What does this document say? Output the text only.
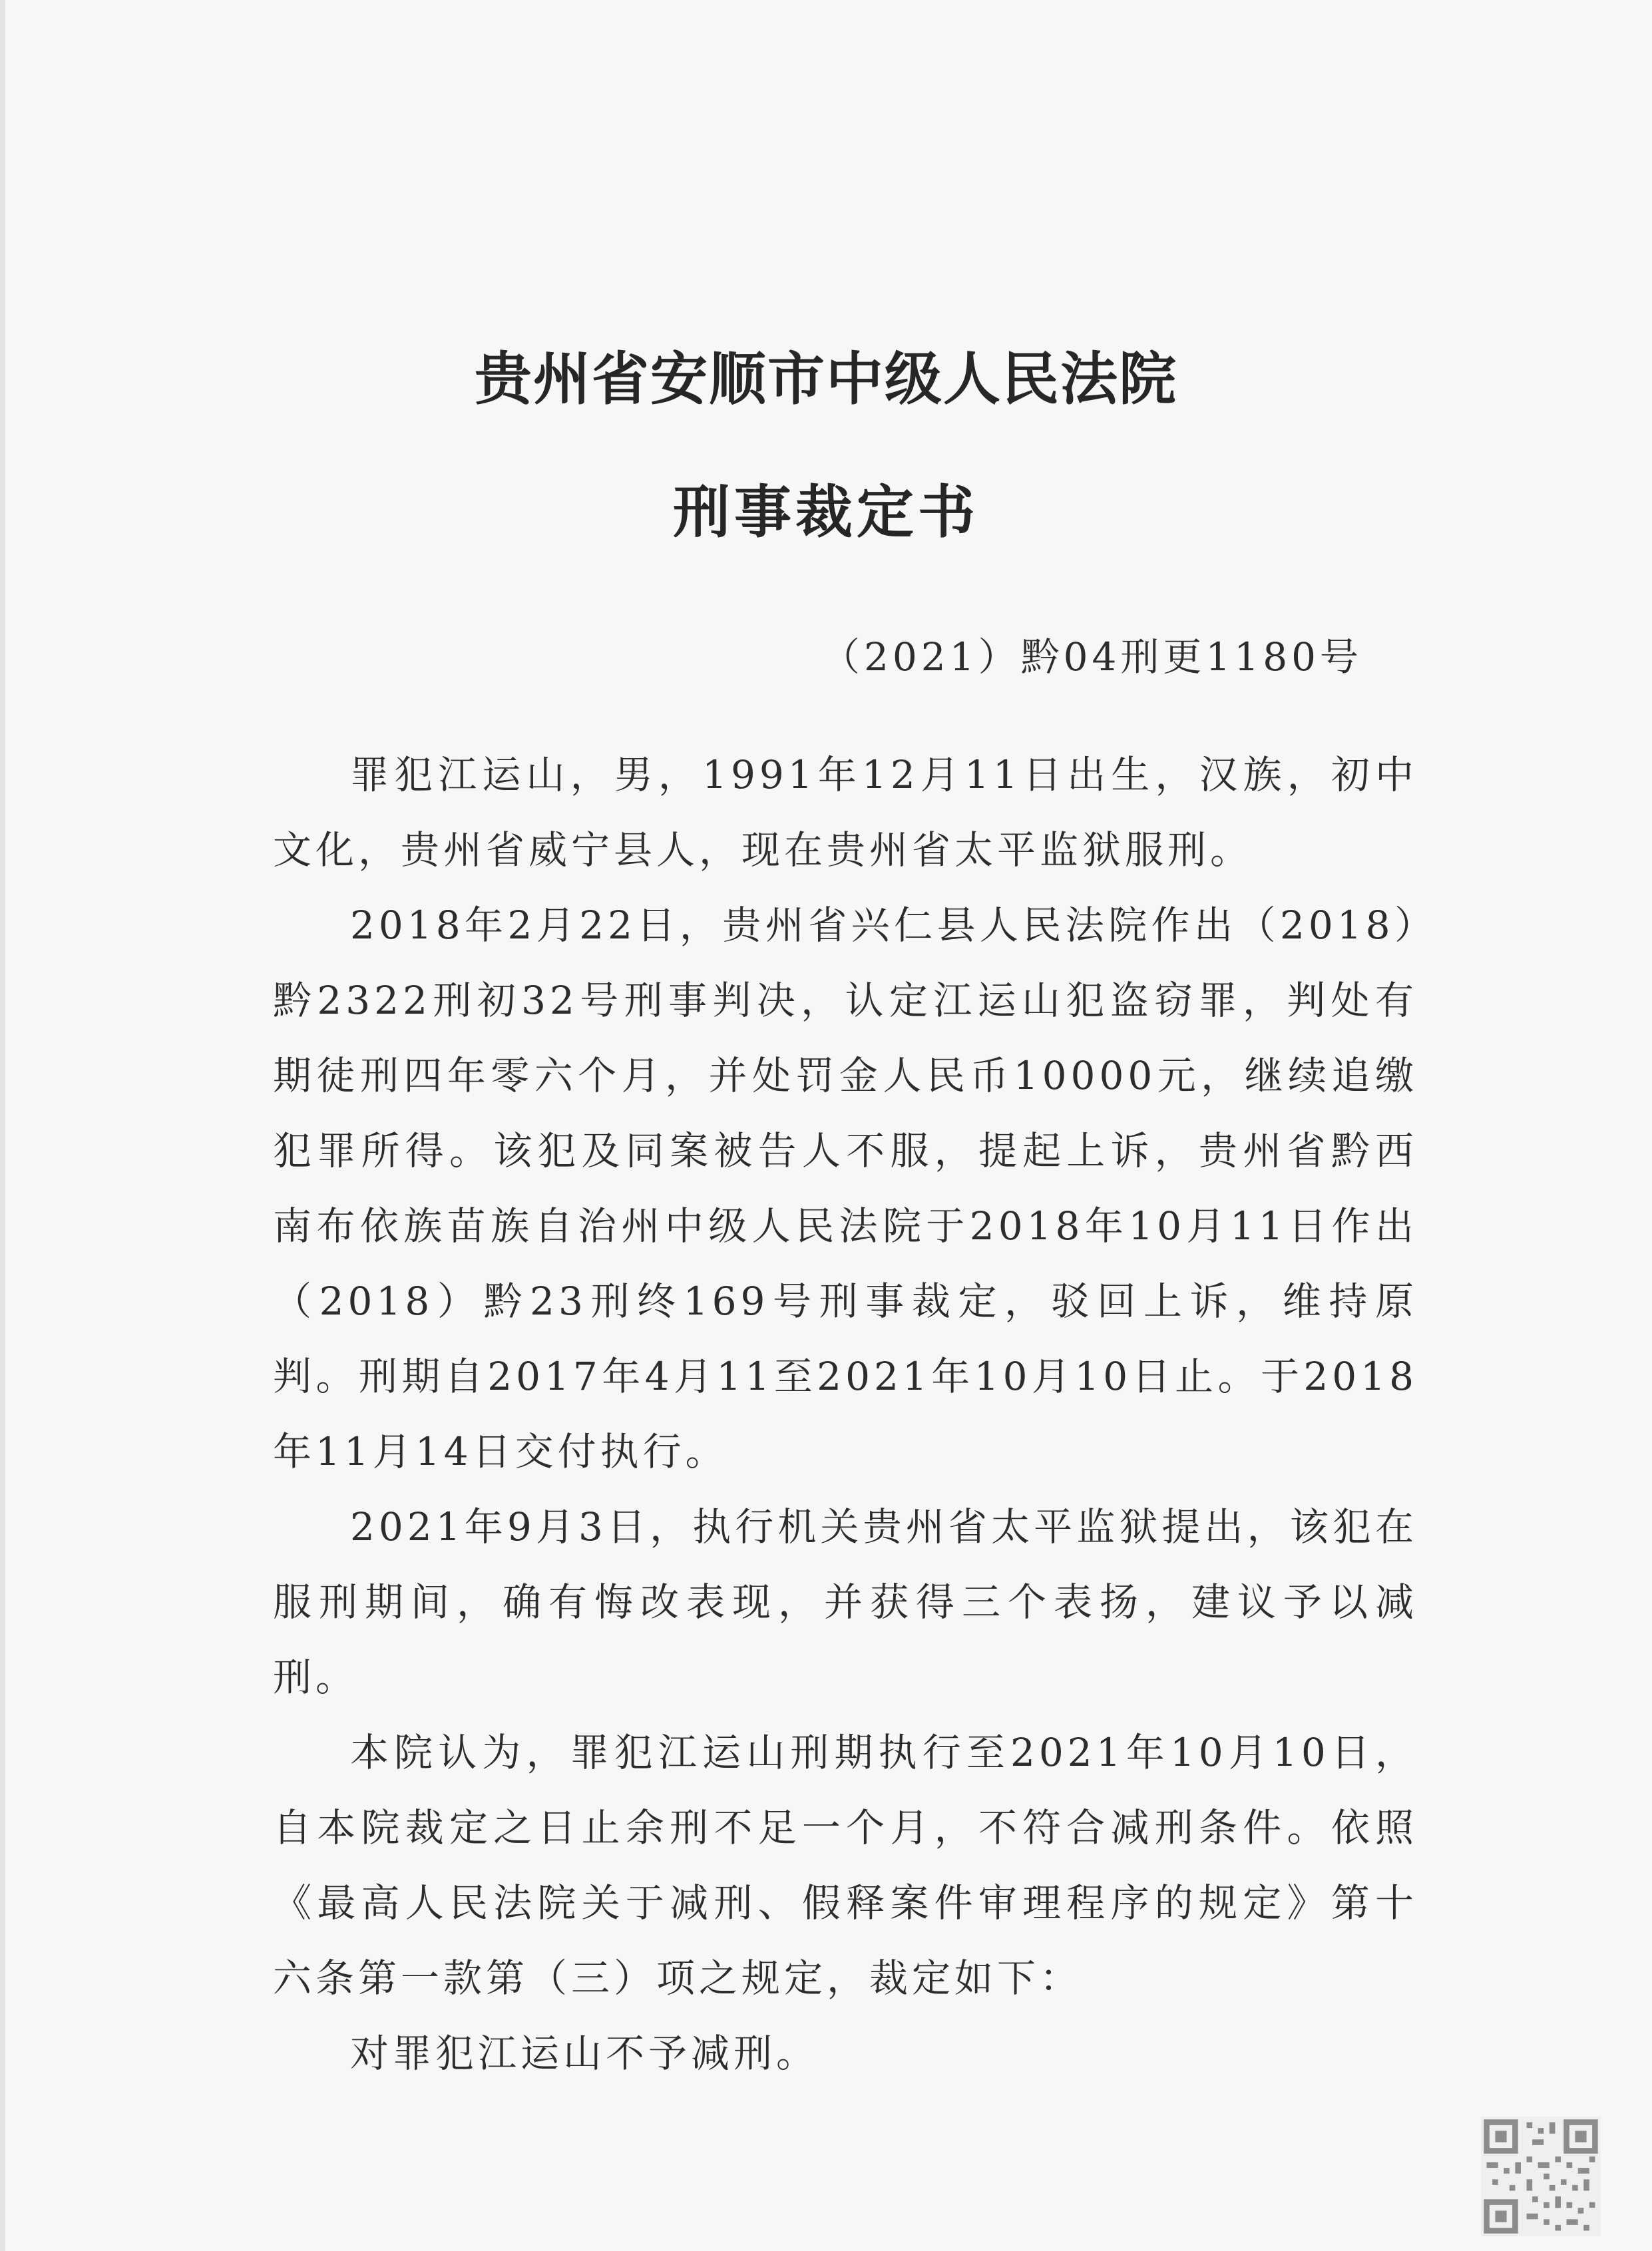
贵州省安顺市中级人民法院
刑事裁定书
（2021）黔04刑更1180号

罪犯江运山，男，1991年12月11日出生，汉族，初中文化，贵州省威宁县人，现在贵州省太平监狱服刑。

2018年2月22日，贵州省兴仁县人民法院作出（2018）黔2322刑初32号刑事判决，认定江运山犯盗窃罪，判处有期徒刑四年零六个月，并处罚金人民币10000元，继续追缴犯罪所得。该犯及同案被告人不服，提起上诉，贵州省黔西南布依族苗族自治州中级人民法院于2018年10月11日作出（2018）黔23刑终169号刑事裁定，驳回上诉，维持原判。刑期自2017年4月11至2021年10月10日止。于2018年11月14日交付执行。

2021年9月3日，执行机关贵州省太平监狱提出，该犯在服刑期间，确有悔改表现，并获得三个表扬，建议予以减刑。

本院认为，罪犯江运山刑期执行至2021年10月10日，自本院裁定之日止余刑不足一个月，不符合减刑条件。依照《最高人民法院关于减刑、假释案件审理程序的规定》第十六条第一款第（三）项之规定，裁定如下：

对罪犯江运山不予减刑。
